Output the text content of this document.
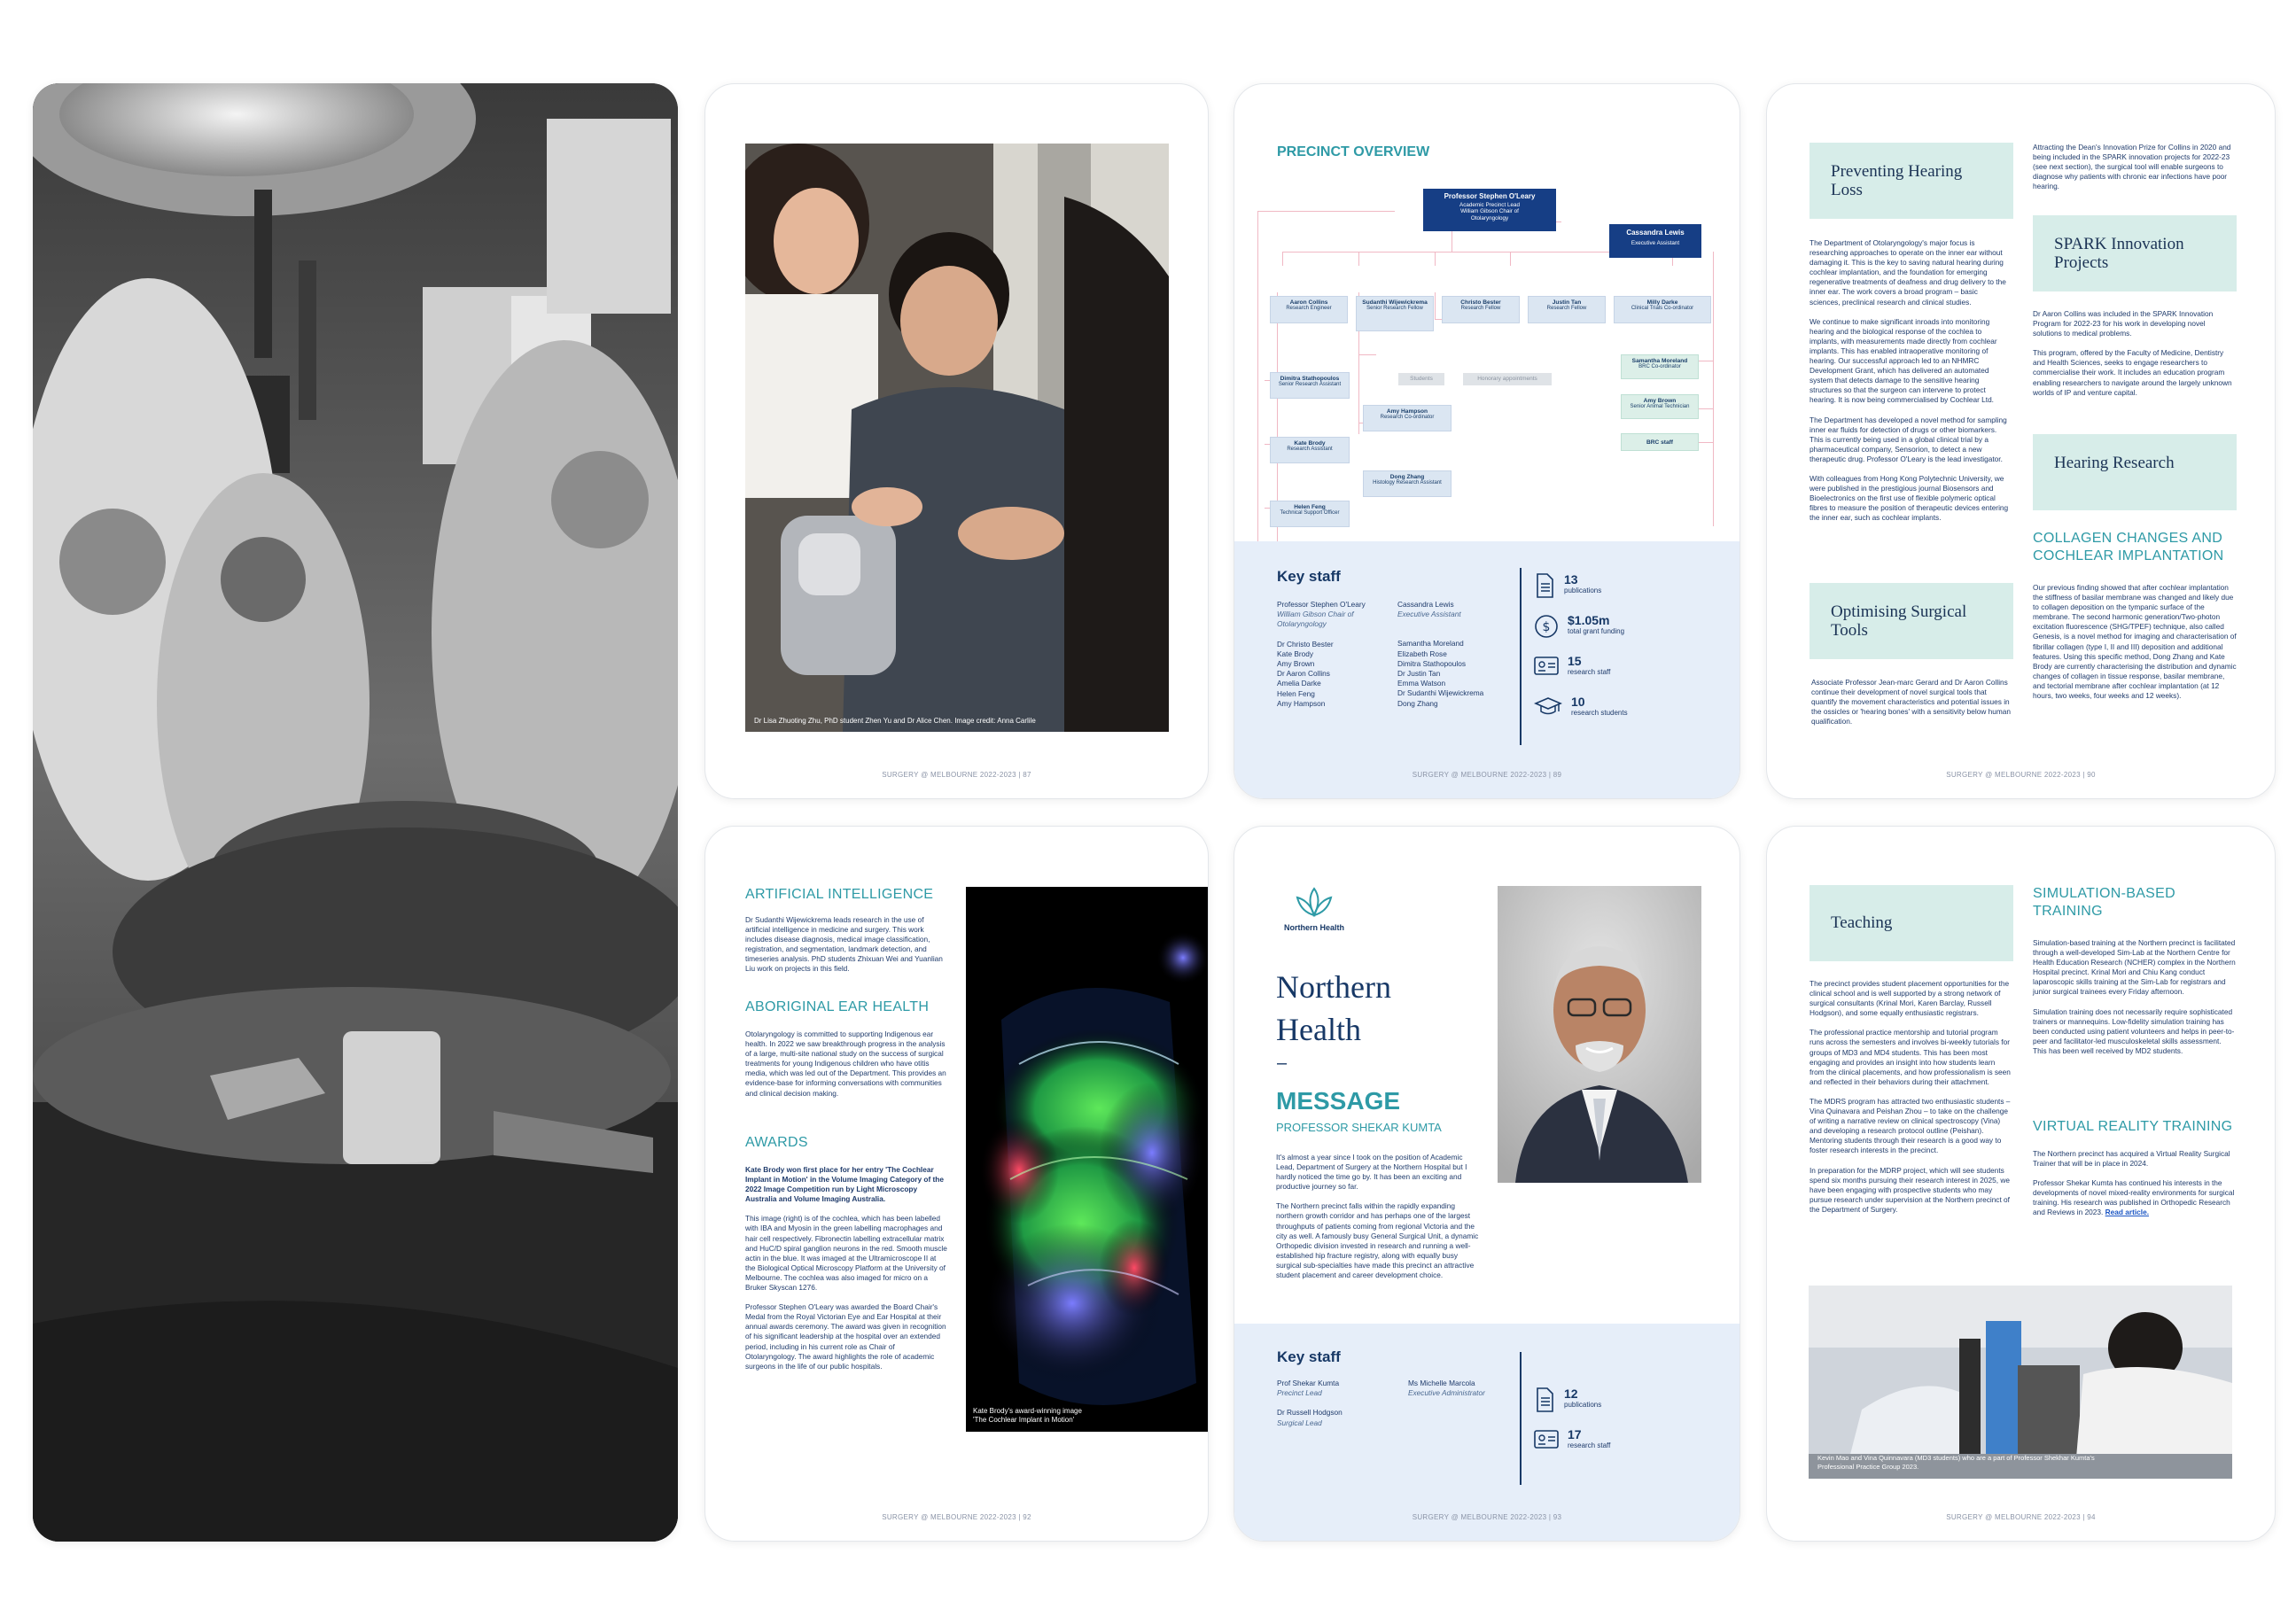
Dr Lisa Zhuoting Zhu, PhD student Zhen Yu and Dr Alice Chen. Image credit: Anna Carlile
SURGERY @ MELBOURNE 2022-2023 | 87
PRECINCT OVERVIEW
Professor Stephen O'Leary
Academic Precinct Lead
William Gibson Chair of
Otolaryngology
Cassandra Lewis
Executive Assistant
Aaron Collins
Research Engineer
Sudanthi Wijewickrema
Senior Research Fellow
Christo Bester
Research Fellow
Justin Tan
Research Fellow
Milly Darke
Clinical Trials Co-ordinator
Dimitra Stathopoulos
Senior Research Assistant
Students	Honorary appointments
Amy Hampson
Research Co-ordinator
Kate Brody
Research Assistant
Dong Zhang
Histology Research Assistant
Helen Feng
Technical Support Officer
Samantha Moreland
BRC Co-ordinator
Amy Brown
Senior Animal Technician
BRC staff
Key staff
Professor Stephen O'Leary
William Gibson Chair of
Otolaryngology
Dr Christo Bester
Kate Brody
Amy Brown
Dr Aaron Collins
Amelia Darke
Helen Feng
Amy Hampson
Cassandra Lewis
Executive Assistant
Samantha Moreland
Elizabeth Rose
Dimitra Stathopoulos
Dr Justin Tan
Emma Watson
Dr Sudanthi Wijewickrema
Dong Zhang
13
publications
$ $1.05m
total grant funding
15
research staff
10
research students
SURGERY @ MELBOURNE 2022-2023 | 89
Preventing Hearing Loss

The Department of Otolaryngology's major focus is researching approaches to operate on the inner ear without damaging it. This is the key to saving natural hearing during cochlear implantation, and the foundation for emerging regenerative treatments of deafness and drug delivery to the inner ear. The work covers a broad program – basic sciences, preclinical research and clinical studies.

We continue to make significant inroads into monitoring hearing and the biological response of the cochlea to implants, with measurements made directly from cochlear implants. This has enabled intraoperative monitoring of hearing. Our successful approach led to an NHMRC Development Grant, which has delivered an automated system that detects damage to the sensitive hearing structures so that the surgeon can intervene to protect hearing. It is now being commercialised by Cochlear Ltd.

The Department has developed a novel method for sampling inner ear fluids for detection of drugs or other biomarkers. This is currently being used in a global clinical trial by a pharmaceutical company, Sensorion, to detect a new therapeutic drug. Professor O'Leary is the lead investigator.

With colleagues from Hong Kong Polytechnic University, we were published in the prestigious journal Biosensors and Bioelectronics on the first use of flexible polymeric optical fibres to measure the position of therapeutic devices entering the inner ear, such as cochlear implants.

Optimising Surgical Tools
Associate Professor Jean-marc Gerard and Dr Aaron Collins continue their development of novel surgical tools that quantify the movement characteristics and potential issues in the ossicles or 'hearing bones' with a sensitivity below human qualification.
Attracting the Dean's Innovation Prize for Collins in 2020 and being included in the SPARK innovation projects for 2022-23 (see next section), the surgical tool will enable surgeons to diagnose why patients with chronic ear infections have poor hearing.
SPARK Innovation Projects

Dr Aaron Collins was included in the SPARK Innovation Program for 2022-23 for his work in developing novel solutions to medical problems.

This program, offered by the Faculty of Medicine, Dentistry and Health Sciences, seeks to engage researchers to commercialise their work. It includes an education program enabling researchers to navigate around the largely unknown worlds of IP and venture capital.

Hearing Research
COLLAGEN CHANGES AND COCHLEAR IMPLANTATION
Our previous finding showed that after cochlear implantation the stiffness of basilar membrane was changed and likely due to collagen deposition on the tympanic surface of the membrane. The second harmonic generation/Two-photon excitation fluorescence (SHG/TPEF) technique, also called Genesis, is a novel method for imaging and characterisation of fibrillar collagen (type I, II and III) deposition and additional features. Using this specific method, Dong Zhang and Kate Brody are currently characterising the distribution and dynamic changes of collagen in tissue response, basilar membrane, and tectorial membrane after cochlear implantation (at 12 hours, two weeks, four weeks and 12 weeks).
SURGERY @ MELBOURNE 2022-2023 | 90
ARTIFICIAL INTELLIGENCE
Dr Sudanthi Wijewickrema leads research in the use of artificial intelligence in medicine and surgery. This work includes disease diagnosis, medical image classification, registration, and segmentation, landmark detection, and timeseries analysis. PhD students Zhixuan Wei and Yuanlian Liu work on projects in this field.
ABORIGINAL EAR HEALTH
Otolaryngology is committed to supporting Indigenous ear health. In 2022 we saw breakthrough progress in the analysis of a large, multi-site national study on the success of surgical treatments for young Indigenous children who have otitis media, which was led out of the Department. This provides an evidence-base for informing conversations with communities and clinical decision making.
AWARDS

Kate Brody won first place for her entry 'The Cochlear Implant in Motion' in the Volume Imaging Category of the 2022 Image Competition run by Light Microscopy Australia and Volume Imaging Australia.

This image (right) is of the cochlea, which has been labelled with IBA and Myosin in the green labelling macrophages and hair cell respectively. Fibronectin labelling extracellular matrix and HuC/D spiral ganglion neurons in the red. Smooth muscle actin in the blue. It was imaged at the Ultramicroscope II at the Biological Optical Microscopy Platform at the University of Melbourne. The cochlea was also imaged for micro on a Bruker Skyscan 1276.

Professor Stephen O'Leary was awarded the Board Chair's Medal from the Royal Victorian Eye and Ear Hospital at their annual awards ceremony. The award was given in recognition of his significant leadership at the hospital over an extended period, including in his current role as Chair of Otolaryngology. The award highlights the role of academic surgeons in the life of our public hospitals.

Kate Brody's award-winning image
'The Cochlear Implant in Motion'
SURGERY @ MELBOURNE 2022-2023 | 92
Northern Health
Northern
Health
–
MESSAGE
PROFESSOR SHEKAR KUMTA

It's almost a year since I took on the position of Academic Lead, Department of Surgery at the Northern Hospital but I hardly noticed the time go by. It has been an exciting and productive journey so far.

The Northern precinct falls within the rapidly expanding northern growth corridor and has perhaps one of the largest throughputs of patients coming from regional Victoria and the city as well. A famously busy General Surgical Unit, a dynamic Orthopedic division invested in research and running a well-established hip fracture registry, along with equally busy surgical sub-specialties have made this precinct an attractive student placement and career development choice.

Key staff
Prof Shekar Kumta
Precinct Lead
Dr Russell Hodgson
Surgical Lead
Ms Michelle Marcola
Executive Administrator	12
publications
17
research staff
SURGERY @ MELBOURNE 2022-2023 | 93
Teaching

The precinct provides student placement opportunities for the clinical school and is well supported by a strong network of surgical consultants (Krinal Mori, Karen Barclay, Russell Hodgson), and some equally enthusiastic registrars.

The professional practice mentorship and tutorial program runs across the semesters and involves bi-weekly tutorials for groups of MD3 and MD4 students. This has been most engaging and provides an insight into how students learn from the clinical placements, and how professionalism is seen and reflected in their behaviors during their attachment.

The MDRS program has attracted two enthusiastic students – Vina Quinavara and Peishan Zhou – to take on the challenge of writing a narrative review on clinical spectroscopy (Vina) and developing a research protocol outline (Peishan). Mentoring students through their research is a good way to foster research interests in the precinct.

In preparation for the MDRP project, which will see students spend six months pursuing their research interest in 2025, we have been engaging with prospective students who may pursue research under supervision at the Northern precinct of the Department of Surgery.

SIMULATION-BASED TRAINING

Simulation-based training at the Northern precinct is facilitated through a well-developed Sim-Lab at the Northern Centre for Health Education Research (NCHER) complex in the Northern Hospital precinct. Krinal Mori and Chiu Kang conduct laparoscopic skills training at the Sim-Lab for registrars and junior surgical trainees every Friday afternoon.

Simulation training does not necessarily require sophisticated trainers or mannequins. Low-fidelity simulation training has been conducted using patient volunteers and helps in peer-to-peer and facilitator-led musculoskeletal skills assessment. This has been well received by MD2 students.

VIRTUAL REALITY TRAINING

The Northern precinct has acquired a Virtual Reality Surgical Trainer that will be in place in 2024.

Professor Shekar Kumta has continued his interests in the developments of novel mixed-reality environments for surgical training. His research was published in Orthopedic Research and Reviews in 2023. Read article.

Kevin Mao and Vina Quinnavara (MD3 students) who are a part of Professor Shekhar Kumta's Professional Practice Group 2023.
SURGERY @ MELBOURNE 2022-2023 | 94
